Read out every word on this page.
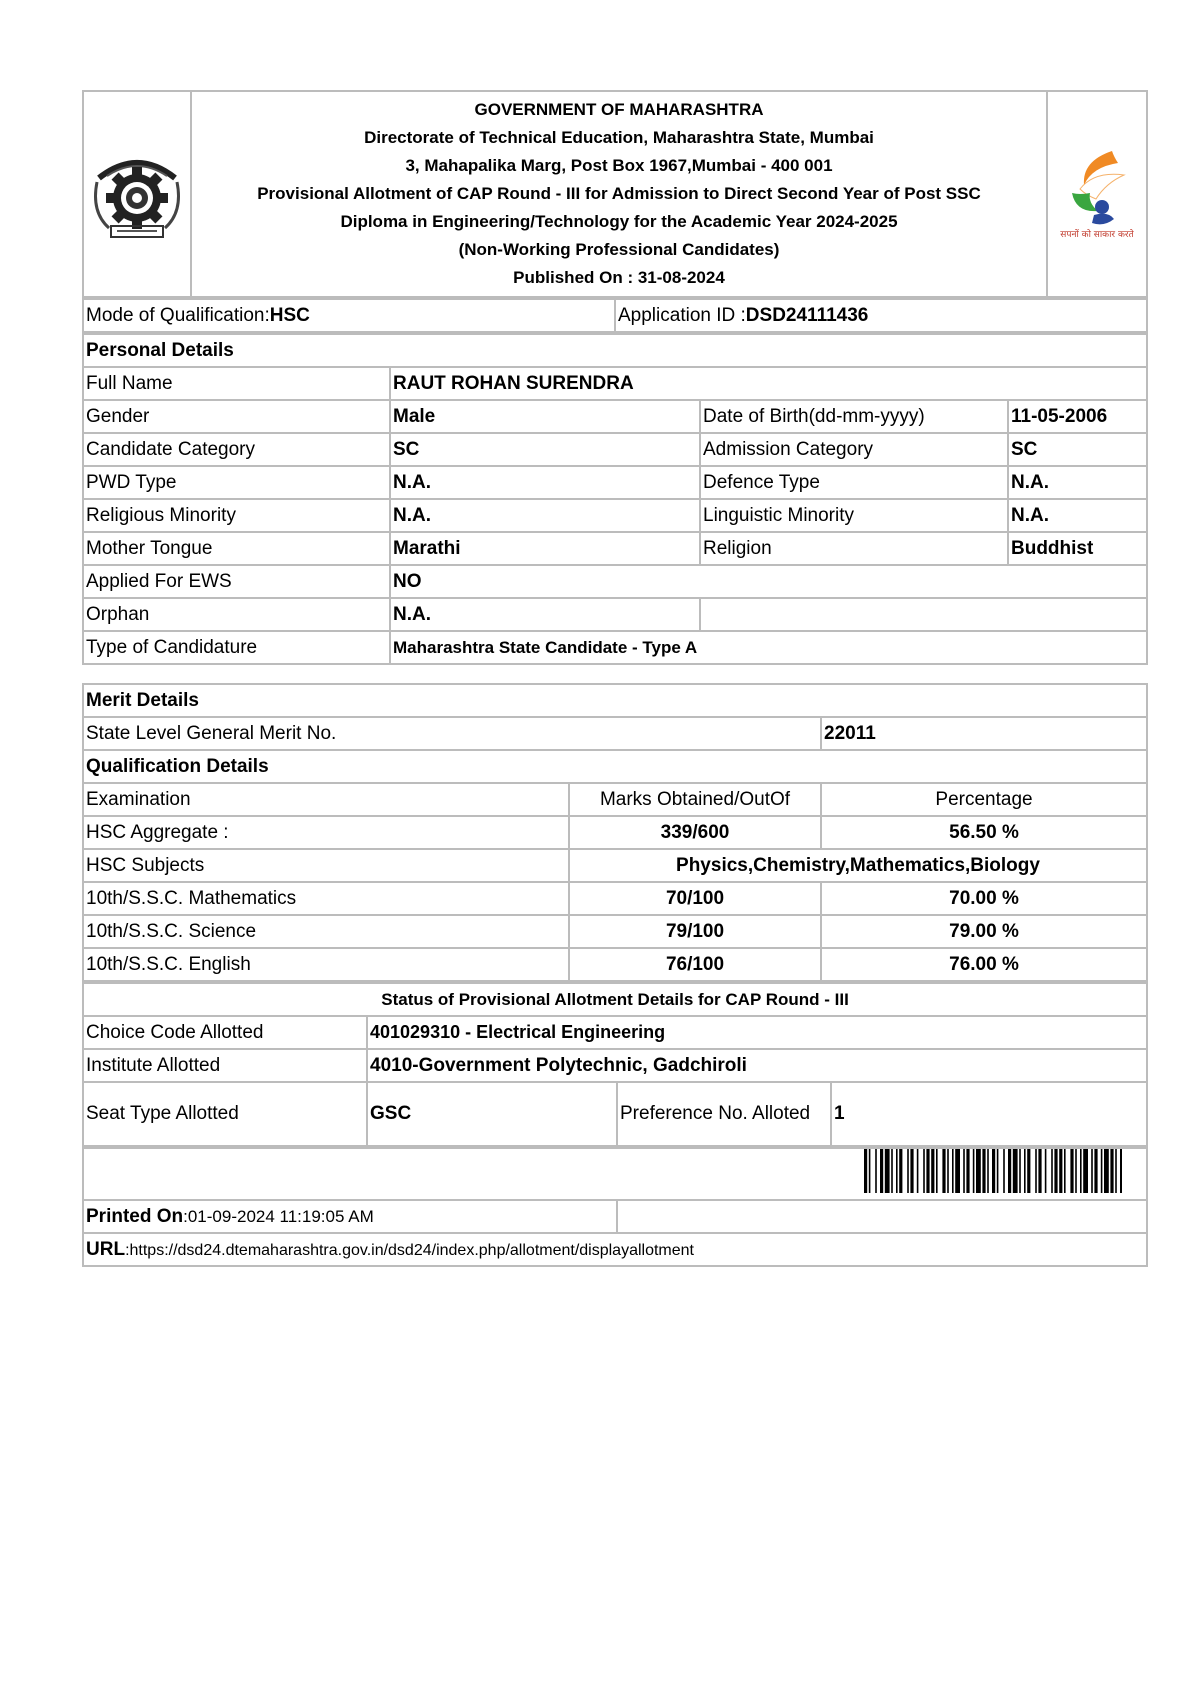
GOVERNMENT OF MAHARASHTRA
Directorate of Technical Education, Maharashtra State, Mumbai
3, Mahapalika Marg, Post Box 1967,Mumbai - 400 001
Provisional Allotment of CAP Round - III for Admission to Direct Second Year of Post SSC
Diploma in Engineering/Technology for the Academic Year 2024-2025
(Non-Working Professional Candidates)
Published On : 31-08-2024

सपनों को साकार करते
Mode of Qualification:HSC	Application ID :DSD24111436
Personal Details			
Full Name	RAUT ROHAN SURENDRA		
Gender	Male	Date of Birth(dd-mm-yyyy)	11-05-2006
Candidate Category	SC	Admission Category	SC
PWD Type	N.A.	Defence Type	N.A.
Religious Minority	N.A.	Linguistic Minority	N.A.
Mother Tongue	Marathi	Religion	Buddhist
Applied For EWS	NO		
Orphan	N.A.		
Type of Candidature	Maharashtra State Candidate - Type A		
Merit Details		
State Level General Merit No.		22011
Qualification Details		
Examination	Marks Obtained/OutOf	Percentage
HSC Aggregate :	339/600	56.50 %
HSC Subjects	Physics,Chemistry,Mathematics,Biology	
10th/S.S.C. Mathematics	70/100	70.00 %
10th/S.S.C. Science	79/100	79.00 %
10th/S.S.C. English	76/100	76.00 %
Status of Provisional Allotment Details for CAP Round - III			
Choice Code Allotted	401029310 - Electrical Engineering		
Institute Allotted	4010-Government Polytechnic, Gadchiroli		
Seat Type Allotted	GSC	Preference No. Alloted	1

Printed On:01-09-2024 11:19:05 AM	
URL:https://dsd24.dtemaharashtra.gov.in/dsd24/index.php/allotment/displayallotment
